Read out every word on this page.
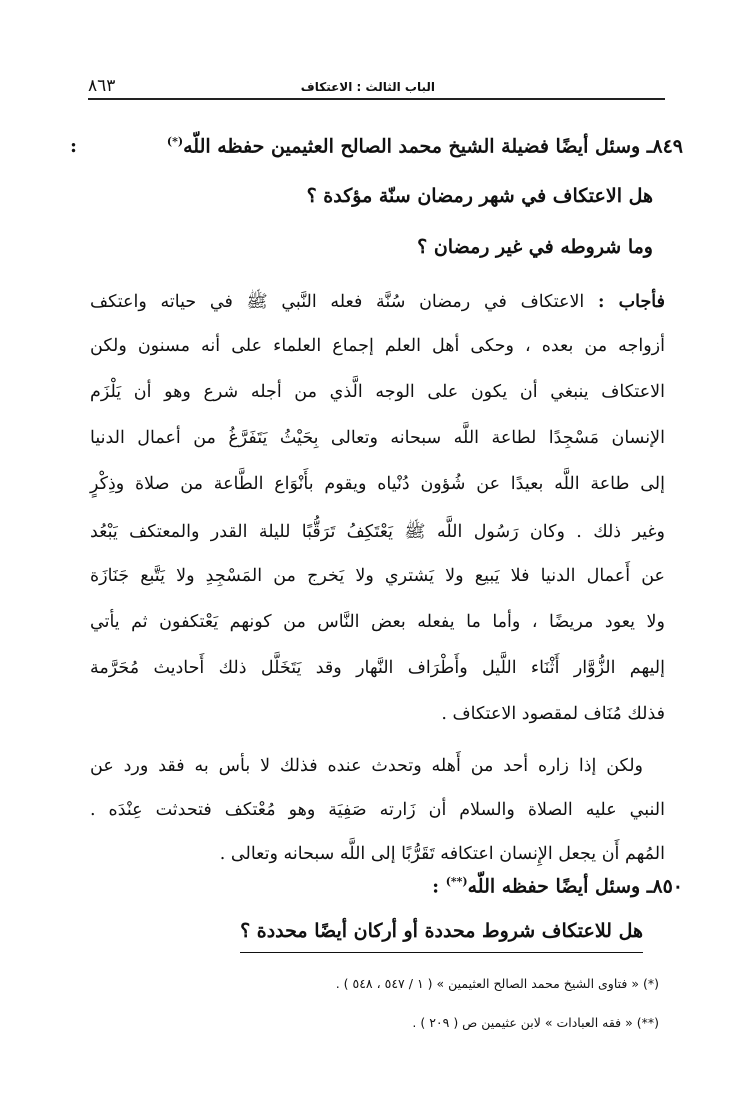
الباب الثالث : الاعتكاف
٨٦٣
٨٤٩ـ وسئل أيضًا فضيلة الشيخ محمد الصالح العثيمين حفظه اللّه(*)
:
هل الاعتكاف في شهر رمضان سنّة مؤكدة ؟
وما شروطه في غير رمضان ؟
فأجاب : الاعتكاف في رمضان سُنَّة فعله النَّبي ﷺ في حياته واعتكف
أزواجه من بعده ، وحكى أهل العلم إجماع العلماء على أنه مسنون ولكن
الاعتكاف ينبغي أن يكون على الوجه الَّذي من أجله شرع وهو أن يَلْزَم
الإنسان مَسْجِدًا لطاعة اللَّه سبحانه وتعالى بِحَيْثُ يَتَفَرَّغُ من أعمال الدنيا
إلى طاعة اللَّه بعيدًا عن شُؤون دُنْياه ويقوم بأَنْوَاع الطَّاعة من صلاة وذِكْرٍ
وغير ذلك . وكان رَسُول اللَّه ﷺ يَعْتَكِفُ تَرَقُّبًا لليلة القدر والمعتكف يَبْعُد
عن أَعمال الدنيا فلا يَبيع ولا يَشتري ولا يَخرج من المَسْجِدِ ولا يَتَّبع جَنَازَة
ولا يعود مريضًا ، وأما ما يفعله بعض النَّاس من كونهم يَعْتكفون ثم يأتي
إليهم الزُّوَّار أَثْنَاء اللَّيل وأَطْرَاف النَّهار وقد يَتَخَلَّل ذلك أَحاديث مُحَرَّمة
فذلك مُنَاف لمقصود الاعتكاف .
ولكن إذا زاره أحد من أَهله وتحدث عنده فذلك لا بأس به فقد ورد عن
النبي عليه الصلاة والسلام أن زَارته صَفِيَة وهو مُعْتكف فتحدثت عِنْدَه .
المُهم أَن يجعل الإِنسان اعتكافه تَقَرُّبًا إلى اللَّه سبحانه وتعالى .
٨٥٠ـ وسئل أيضًا حفظه اللّه(**) :
هل للاعتكاف شروط محددة أو أركان أيضًا محددة ؟
(*) « فتاوى الشيخ محمد الصالح العثيمين » ( ١ / ٥٤٧ ، ٥٤٨ ) .
(**) « فقه العبادات » لابن عثيمين ص ( ٢٠٩ ) .
